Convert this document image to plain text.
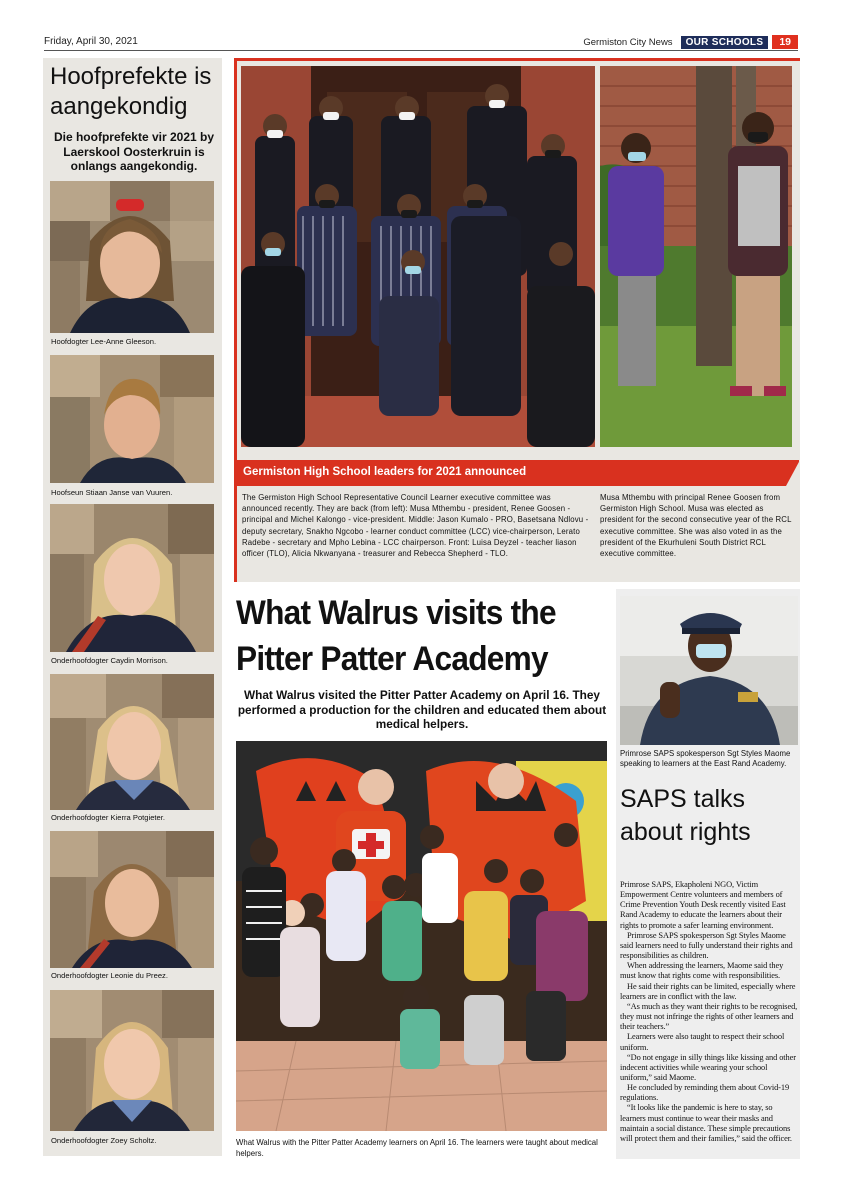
Friday, April 30, 2021	Germiston City News	OUR SCHOOLS	19
Hoofprefekte is aangekondig
Die hoofprefekte vir 2021 by Laerskool Oosterkruin is onlangs aangekondig.
Hoofdogter Lee-Anne Gleeson.
Hoofseun Stiaan Janse van Vuuren.
Onderhoofdogter Caydin Morrison.
Onderhoofdogter Kierra Potgieter.
Onderhoofdogter Leonie du Preez.
Onderhoofdogter Zoey Scholtz.
Germiston High School leaders for 2021 announced
The Germiston High School Representative Council Learner executive committee was announced recently. They are back (from left): Musa Mthembu - president, Renee Goosen - principal and Michel Kalongo - vice-president. Middle: Jason Kumalo - PRO, Basetsana Ndlovu - deputy secretary, Snakho Ngcobo - learner conduct committee (LCC) vice-chairperson, Lerato Radebe - secretary and Mpho Lebina - LCC chairperson. Front: Luisa Deyzel - teacher liason officer (TLO), Alicia Nkwanyana - treasurer and Rebecca Shepherd - TLO.
Musa Mthembu with principal Renee Goosen from Germiston High School. Musa was elected as president for the second consecutive year of the RCL executive committee. She was also voted in as the president of the Ekurhuleni South District RCL executive committee.
What Walrus visits the Pitter Patter Academy
What Walrus visited the Pitter Patter Academy on April 16. They performed a production for the children and educated them about medical helpers.
What Walrus with the Pitter Patter Academy learners on April 16. The learners were taught about medical helpers.
Primrose SAPS spokesperson Sgt Styles Maome speaking to learners at the East Rand Academy.
SAPS talks about rights

Primrose SAPS, Ekapholeni NGO, Victim Empowerment Centre volunteers and members of Crime Prevention Youth Desk recently visited East Rand Academy to educate the learners about their rights to promote a safer learning environment.

Primrose SAPS spokesperson Sgt Styles Maome said learners need to fully understand their rights and responsibilities as children.

When addressing the learners, Maome said they must know that rights come with responsibilities.

He said their rights can be limited, especially where learners are in conflict with the law.

“As much as they want their rights to be recognised, they must not infringe the rights of other learners and their teachers.”

Learners were also taught to respect their school uniform.

“Do not engage in silly things like kissing and other indecent activities while wearing your school uniform,” said Maome.

He concluded by reminding them about Covid-19 regulations.

“It looks like the pandemic is here to stay, so learners must continue to wear their masks and maintain a social distance. These simple precautions will protect them and their families,” said the officer.
